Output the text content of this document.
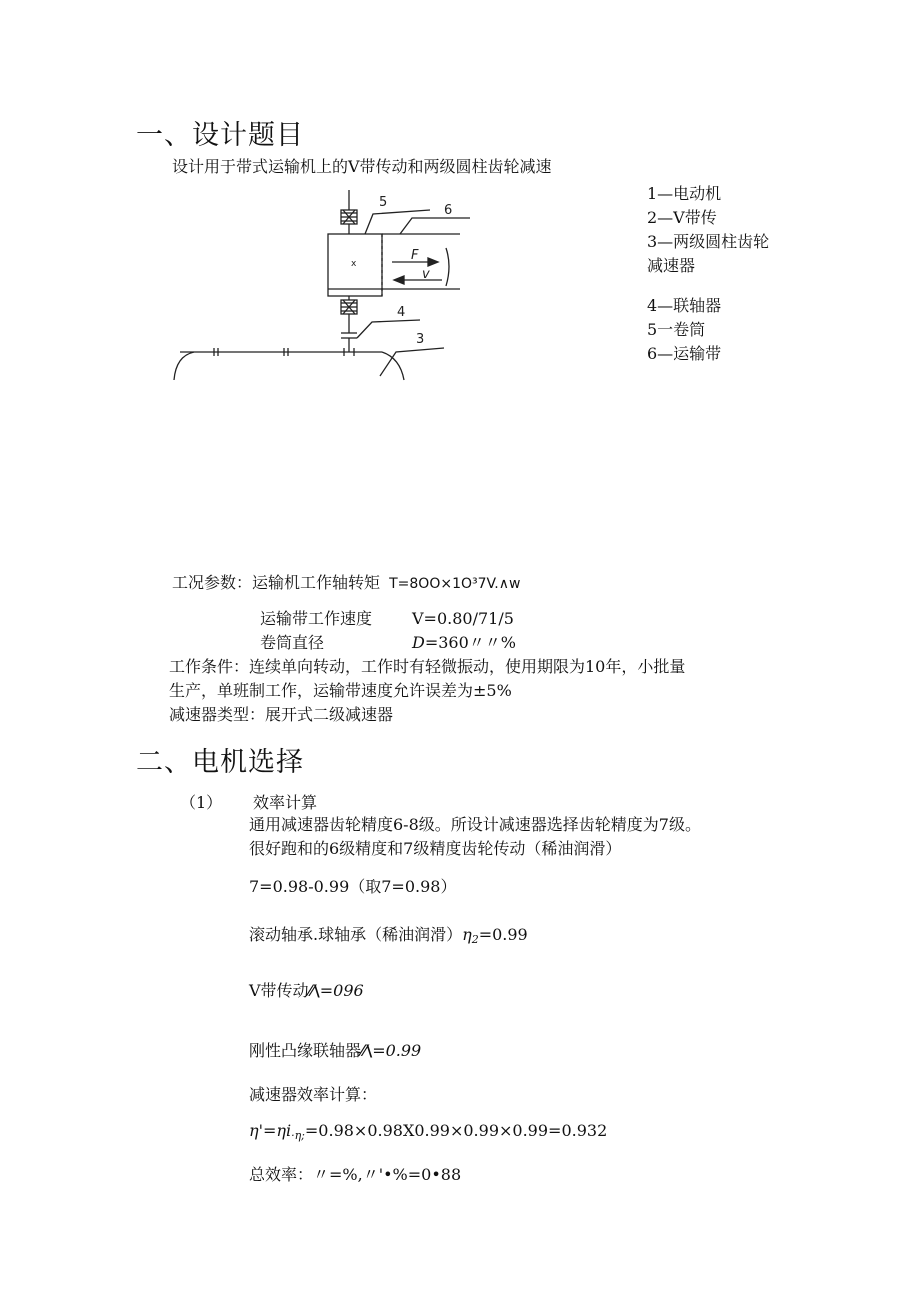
一、设计题目
设计用于带式运输机上的V带传动和两级圆柱齿轮减速
1—电动机
2—V带传
3—两级圆柱齿轮
减速器
4—联轴器
5一卷筒
6—运输带
5
6
F
v
x
4
3
工况参数：运输机工作轴转矩 T=8OO×1O³7V.∧w
运输带工作速度 V=0.80/71/5
卷筒直径	D=360〃〃%
工作条件：连续单向转动，工作时有轻微振动，使用期限为10年，小批量
生产，单班制工作，运输带速度允许误差为±5%
减速器类型：展开式二级减速器
二、电机选择
（1） 效率计算
通用减速器齿轮精度6-8级。所设计减速器选择齿轮精度为7级。
很好跑和的6级精度和7级精度齿轮传动（稀油润滑）
7=0.98-0.99（取7=0.98）
滚动轴承.球轴承（稀油润滑）$\eta_2=0.99$
V带传动⁄⁄\=096
刚性凸缘联轴器⁄⁄\=0.99
减速器效率计算：
$\eta'=\eta i_{\cdot\eta;}=0.98\times 0.98X0.99\times 0.99\times 0.99=0.932$
总效率：〃=%,〃'•%=0•88
